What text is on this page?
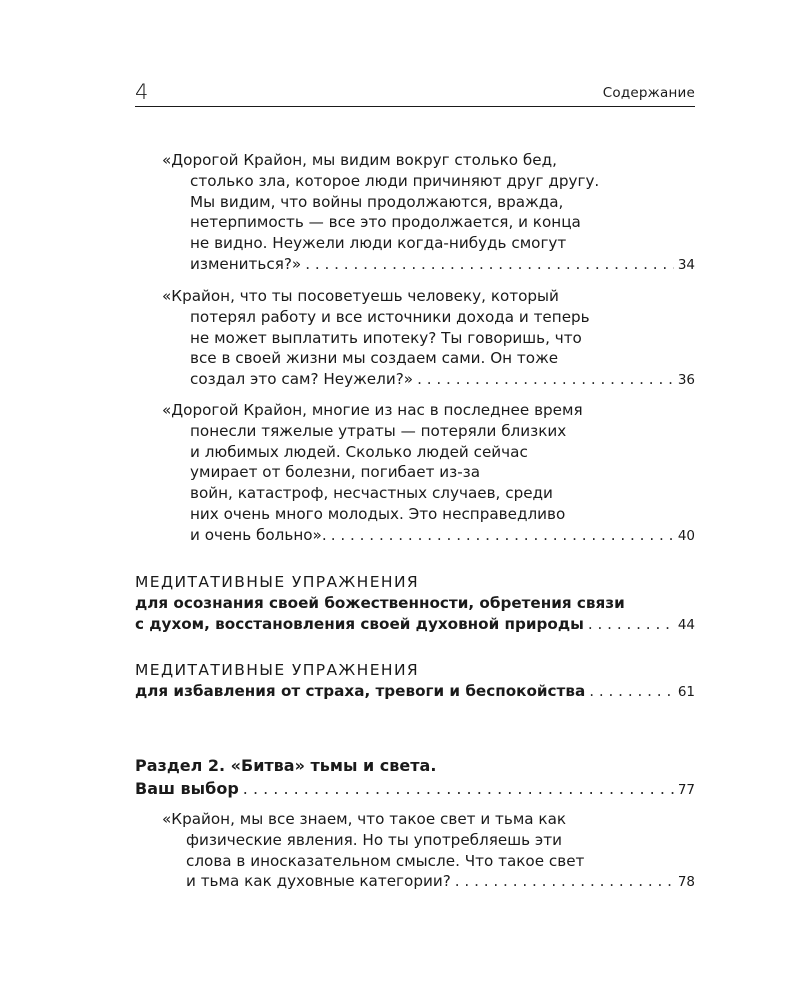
4	Содержание
«Дорогой Крайон, мы видим вокруг столько бед,
столько зла, которое люди причиняют друг другу.
Мы видим, что войны продолжаются, вражда,
нетерпимость — все это продолжается, и конца
не видно. Неужели люди когда-нибудь смогут
измениться?» . . .	34
«Крайон, что ты посоветуешь человеку, который
потерял работу и все источники дохода и теперь
не может выплатить ипотеку? Ты говоришь, что
все в своей жизни мы создаем сами. Он тоже
создал это сам? Неужели?» . . .	36
«Дорогой Крайон, многие из нас в последнее время
понесли тяжелые утраты — потеряли близких
и любимых людей. Сколько людей сейчас
умирает от болезни, погибает из-за
войн, катастроф, несчастных случаев, среди
них очень много молодых. Это несправедливо
и очень больно». . . .	40
МЕДИТАТИВНЫЕ УПРАЖНЕНИЯ
для осознания своей божественности, обретения связи
с духом, восстановления своей духовной природы . . .	44
МЕДИТАТИВНЫЕ УПРАЖНЕНИЯ
для избавления от страха, тревоги и беспокойства . . .	61
Раздел 2. «Битва» тьмы и света.
Ваш выбор . . .	77
«Крайон, мы все знаем, что такое свет и тьма как
физические явления. Но ты употребляешь эти
слова в иносказательном смысле. Что такое свет
и тьма как духовные категории? . . .	78
